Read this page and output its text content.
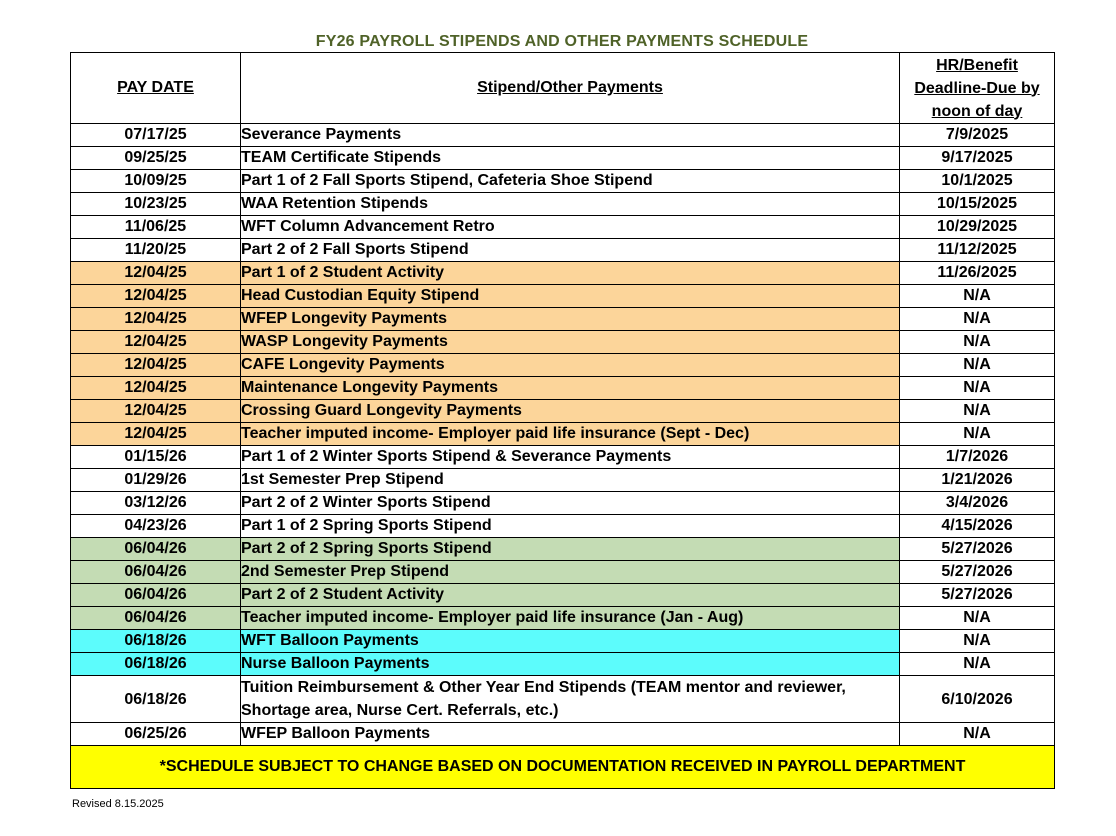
FY26 PAYROLL STIPENDS AND OTHER PAYMENTS SCHEDULE
PAY DATE	Stipend/Other Payments	HR/Benefit
Deadline-Due by
noon of day

07/17/25	Severance Payments	7/9/2025
09/25/25	TEAM Certificate Stipends	9/17/2025
10/09/25	Part 1 of 2 Fall Sports Stipend, Cafeteria Shoe Stipend	10/1/2025
10/23/25	WAA Retention Stipends	10/15/2025
11/06/25	WFT Column Advancement Retro	10/29/2025
11/20/25	Part 2 of 2 Fall Sports Stipend	11/12/2025
12/04/25	Part 1 of 2 Student Activity	11/26/2025
12/04/25	Head Custodian Equity Stipend	N/A
12/04/25	WFEP Longevity Payments	N/A
12/04/25	WASP Longevity Payments	N/A
12/04/25	CAFE Longevity Payments	N/A
12/04/25	Maintenance Longevity Payments	N/A
12/04/25	Crossing Guard Longevity Payments	N/A
12/04/25	Teacher imputed income- Employer paid life insurance (Sept - Dec)	N/A
01/15/26	Part 1 of 2 Winter Sports Stipend & Severance Payments	1/7/2026
01/29/26	1st Semester Prep Stipend	1/21/2026
03/12/26	Part 2 of 2 Winter Sports Stipend	3/4/2026
04/23/26	Part 1 of 2 Spring Sports Stipend	4/15/2026
06/04/26	Part 2 of 2 Spring Sports Stipend	5/27/2026
06/04/26	2nd Semester Prep Stipend	5/27/2026
06/04/26	Part 2 of 2 Student Activity	5/27/2026
06/04/26	Teacher imputed income- Employer paid life insurance (Jan - Aug)	N/A
06/18/26	WFT Balloon Payments	N/A
06/18/26	Nurse Balloon Payments	N/A
06/18/26	Tuition Reimbursement & Other Year End Stipends (TEAM mentor and reviewer, Shortage area, Nurse Cert. Referrals, etc.)	6/10/2026
06/25/26	WFEP Balloon Payments	N/A
*SCHEDULE SUBJECT TO CHANGE BASED ON DOCUMENTATION RECEIVED IN PAYROLL DEPARTMENT		
Revised 8.15.2025
